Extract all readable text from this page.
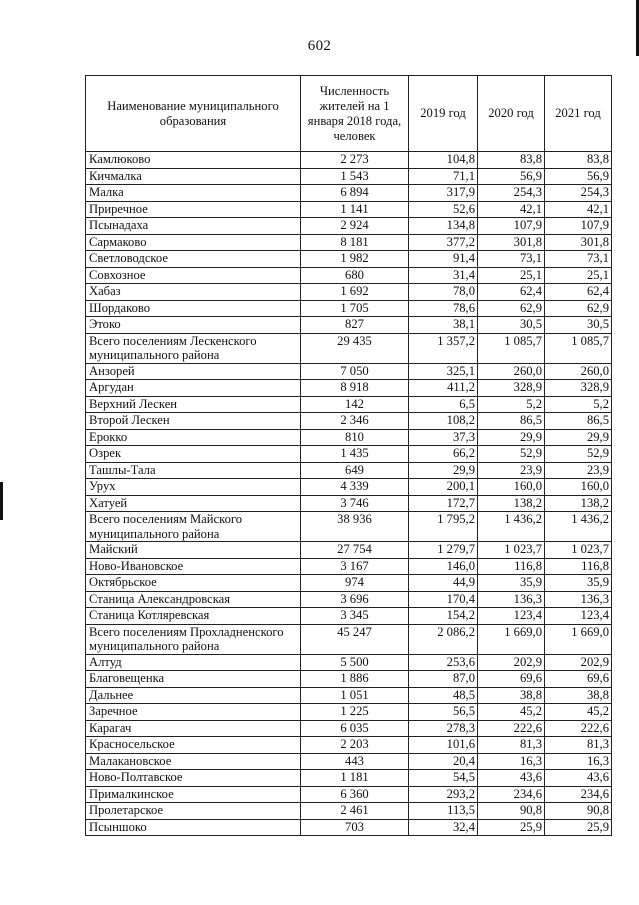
602
Наименование муниципального образования	Численность жителей на 1 января 2018 года, человек	2019 год	2020 год	2021 год
Камлюково	2 273	104,8	83,8	83,8
Кичмалка	1 543	71,1	56,9	56,9
Малка	6 894	317,9	254,3	254,3
Приречное	1 141	52,6	42,1	42,1
Псынадаха	2 924	134,8	107,9	107,9
Сармаково	8 181	377,2	301,8	301,8
Светловодское	1 982	91,4	73,1	73,1
Совхозное	680	31,4	25,1	25,1
Хабаз	1 692	78,0	62,4	62,4
Шордаково	1 705	78,6	62,9	62,9
Этоко	827	38,1	30,5	30,5
Всего поселениям Лескенского муниципального района	29 435	1 357,2	1 085,7	1 085,7
Анзорей	7 050	325,1	260,0	260,0
Аргудан	8 918	411,2	328,9	328,9
Верхний Лескен	142	6,5	5,2	5,2
Второй Лескен	2 346	108,2	86,5	86,5
Ерокко	810	37,3	29,9	29,9
Озрек	1 435	66,2	52,9	52,9
Ташлы-Тала	649	29,9	23,9	23,9
Урух	4 339	200,1	160,0	160,0
Хатуей	3 746	172,7	138,2	138,2
Всего поселениям Майского муниципального района	38 936	1 795,2	1 436,2	1 436,2
Майский	27 754	1 279,7	1 023,7	1 023,7
Ново-Ивановское	3 167	146,0	116,8	116,8
Октябрьское	974	44,9	35,9	35,9
Станица Александровская	3 696	170,4	136,3	136,3
Станица Котляревская	3 345	154,2	123,4	123,4
Всего поселениям Прохладненского муниципального района	45 247	2 086,2	1 669,0	1 669,0
Алтуд	5 500	253,6	202,9	202,9
Благовещенка	1 886	87,0	69,6	69,6
Дальнее	1 051	48,5	38,8	38,8
Заречное	1 225	56,5	45,2	45,2
Карагач	6 035	278,3	222,6	222,6
Красносельское	2 203	101,6	81,3	81,3
Малакановское	443	20,4	16,3	16,3
Ново-Полтавское	1 181	54,5	43,6	43,6
Прималкинское	6 360	293,2	234,6	234,6
Пролетарское	2 461	113,5	90,8	90,8
Псыншоко	703	32,4	25,9	25,9
